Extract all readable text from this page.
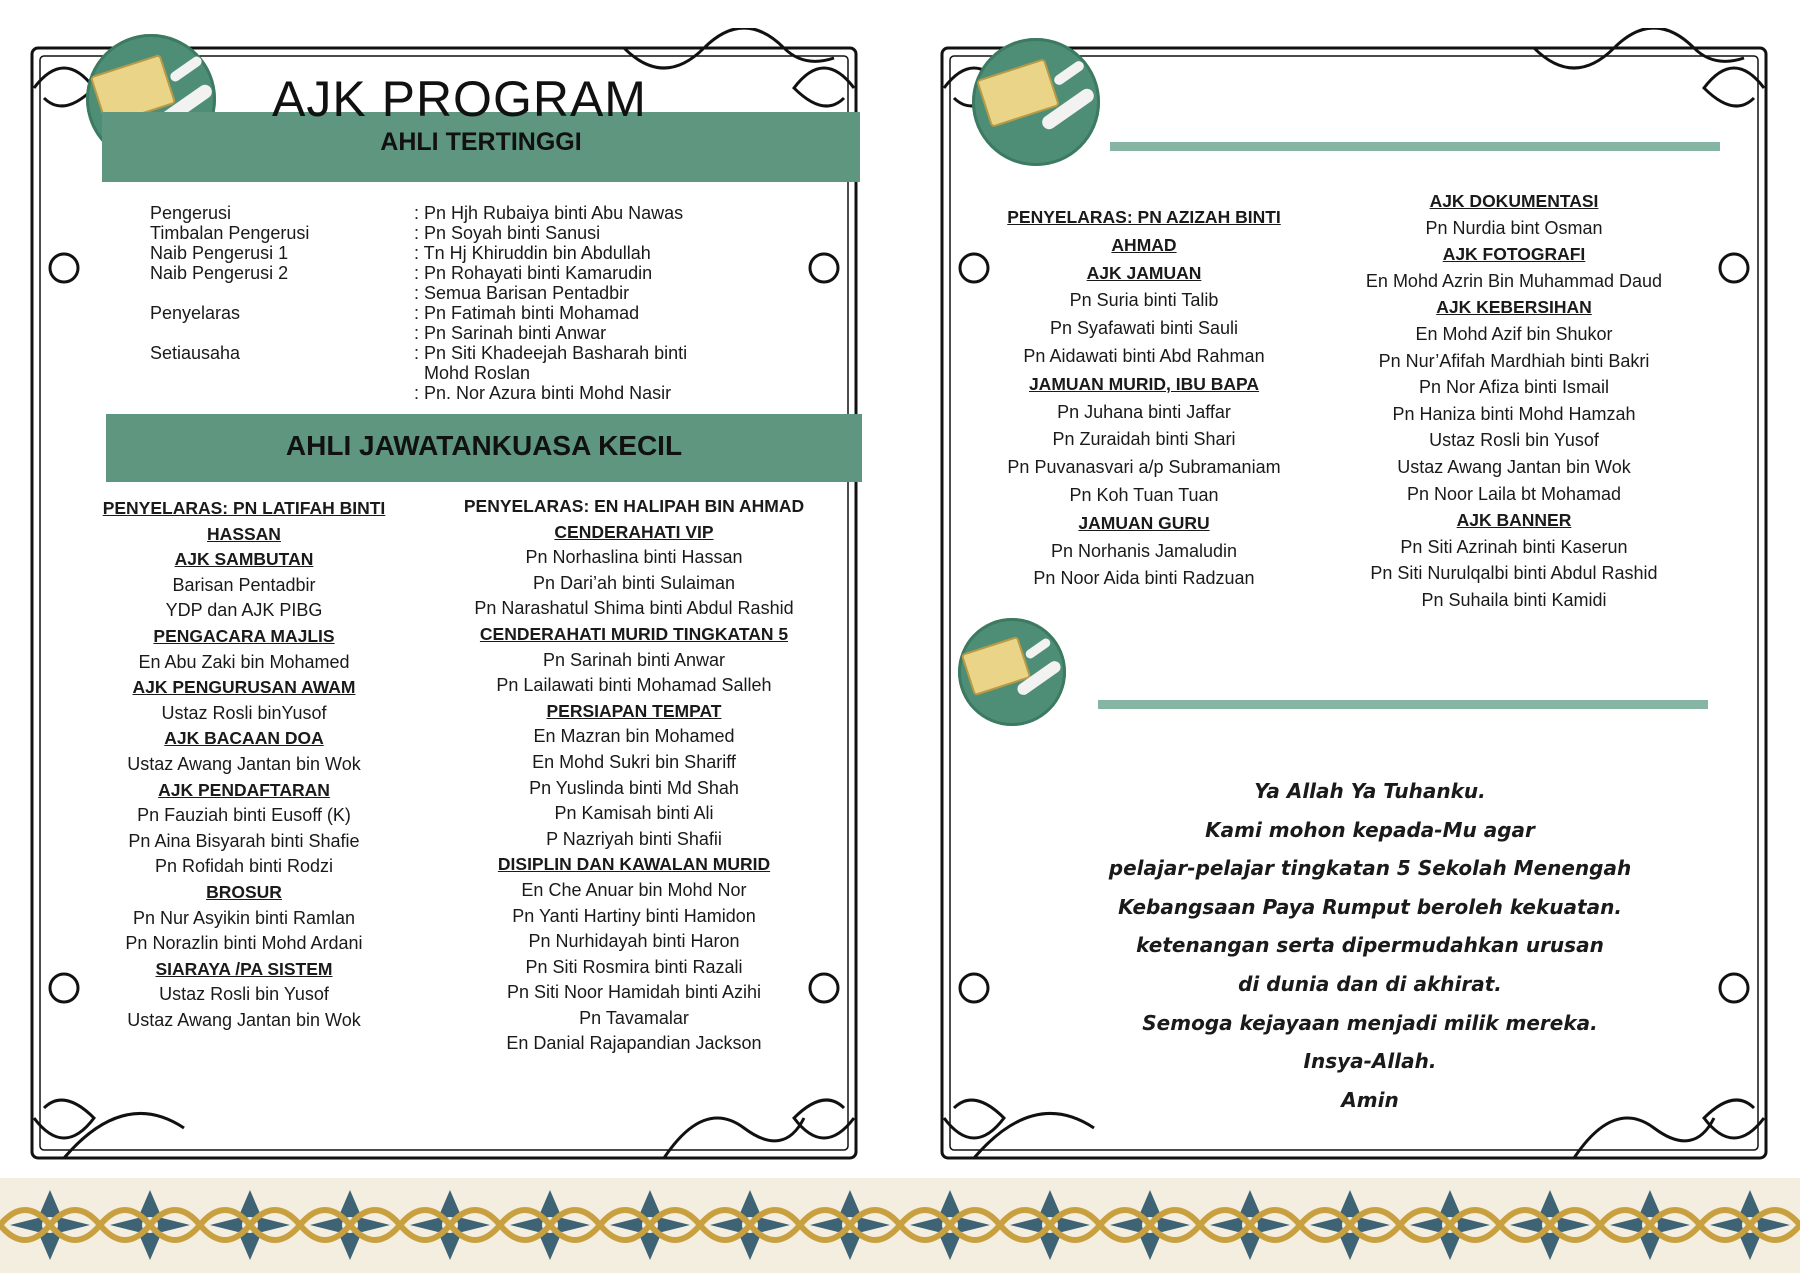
AJK PROGRAM
AHLI TERTINGGI
Pengerusi	: Pn Hjh Rubaiya binti Abu Nawas
Timbalan Pengerusi	: Pn Soyah binti Sanusi
Naib Pengerusi 1	: Tn Hj Khiruddin bin Abdullah
Naib Pengerusi 2	: Pn Rohayati binti Kamarudin
: Semua Barisan Pentadbir
Penyelaras	: Pn Fatimah binti Mohamad
: Pn Sarinah binti Anwar
Setiausaha	: Pn Siti Khadeejah Basharah binti
Mohd Roslan
: Pn. Nor Azura binti Mohd Nasir
AHLI JAWATANKUASA KECIL
PENYELARAS: PN LATIFAH BINTI
HASSAN
AJK SAMBUTAN
Barisan Pentadbir
YDP dan AJK PIBG
PENGACARA MAJLIS
En Abu Zaki bin Mohamed
AJK PENGURUSAN AWAM
Ustaz Rosli binYusof
AJK BACAAN DOA
Ustaz Awang Jantan bin Wok
AJK PENDAFTARAN
Pn Fauziah binti Eusoff (K)
Pn Aina Bisyarah binti Shafie
Pn Rofidah binti Rodzi
BROSUR
Pn Nur Asyikin binti Ramlan
Pn Norazlin binti Mohd Ardani
SIARAYA /PA SISTEM
Ustaz Rosli bin Yusof
Ustaz Awang Jantan bin Wok
PENYELARAS: EN HALIPAH BIN AHMAD
CENDERAHATI VIP
Pn Norhaslina binti Hassan
Pn Dari’ah binti Sulaiman
Pn Narashatul Shima binti Abdul Rashid
CENDERAHATI MURID TINGKATAN 5
Pn Sarinah binti Anwar
Pn Lailawati binti Mohamad Salleh
PERSIAPAN TEMPAT
En Mazran bin Mohamed
En Mohd Sukri bin Shariff
Pn Yuslinda binti Md Shah
Pn Kamisah binti Ali
P Nazriyah binti Shafii
DISIPLIN DAN KAWALAN MURID
En Che Anuar bin Mohd Nor
Pn Yanti Hartiny binti Hamidon
Pn Nurhidayah binti Haron
Pn Siti Rosmira binti Razali
Pn Siti Noor Hamidah binti Azihi
Pn Tavamalar
En Danial Rajapandian Jackson
PENYELARAS: PN AZIZAH BINTI AHMAD
AJK JAMUAN
Pn Suria binti Talib
Pn Syafawati binti Sauli
Pn Aidawati binti Abd Rahman
JAMUAN MURID, IBU BAPA
Pn Juhana binti Jaffar
Pn Zuraidah binti Shari
Pn Puvanasvari a/p Subramaniam
Pn Koh Tuan Tuan
JAMUAN GURU
Pn Norhanis Jamaludin
Pn Noor Aida binti Radzuan
AJK DOKUMENTASI
Pn Nurdia bint Osman
AJK FOTOGRAFI
En Mohd Azrin Bin Muhammad Daud
AJK KEBERSIHAN
En Mohd Azif bin Shukor
Pn Nur’Afifah Mardhiah binti Bakri
Pn Nor Afiza binti Ismail
Pn Haniza binti Mohd Hamzah
Ustaz Rosli bin Yusof
Ustaz Awang Jantan bin Wok
Pn Noor Laila bt Mohamad
AJK BANNER
Pn Siti Azrinah binti Kaserun
Pn Siti Nurulqalbi binti Abdul Rashid
Pn Suhaila binti Kamidi
Ya Allah Ya Tuhanku.
Kami mohon kepada-Mu agar
pelajar-pelajar tingkatan 5 Sekolah Menengah
Kebangsaan Paya Rumput beroleh kekuatan.
ketenangan serta dipermudahkan urusan
di dunia dan di akhirat.
Semoga kejayaan menjadi milik mereka.
Insya-Allah.
Amin
